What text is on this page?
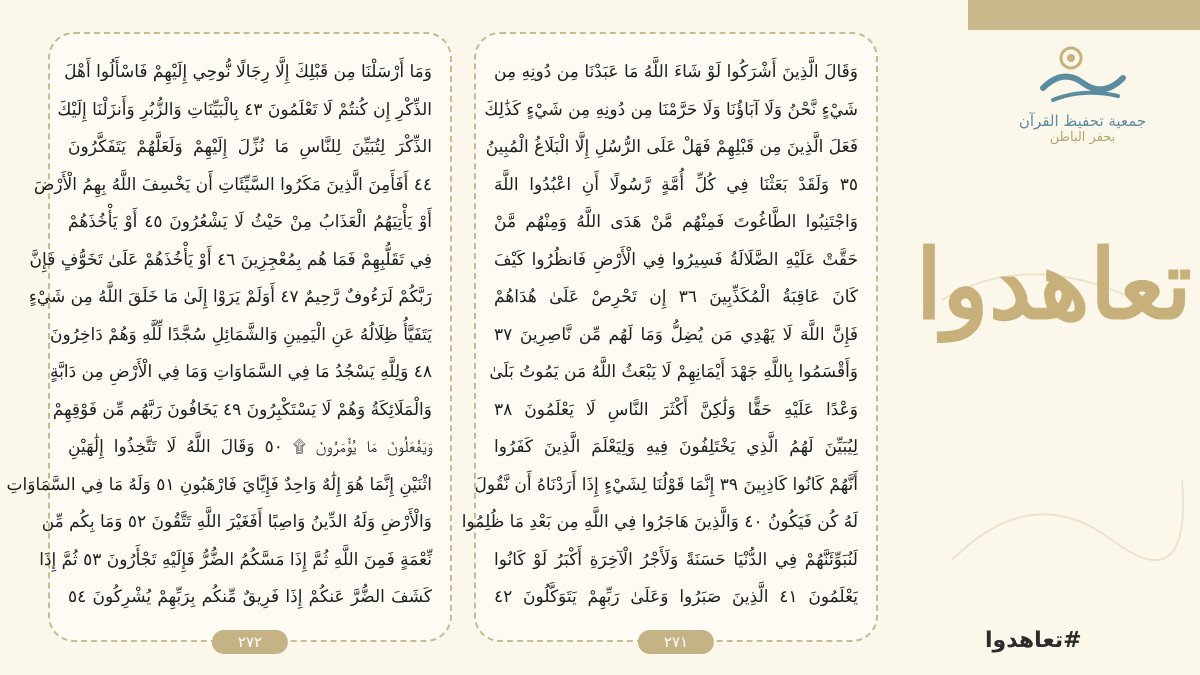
وَمَا أَرْسَلْنَا مِن قَبْلِكَ إِلَّا رِجَالًا نُّوحِي إِلَيْهِمْ فَاسْأَلُوا أَهْلَ
الذِّكْرِ إِن كُنتُمْ لَا تَعْلَمُونَ ٤٣ بِالْبَيِّنَاتِ وَالزُّبُرِ وَأَنزَلْنَا إِلَيْكَ
الذِّكْرَ لِتُبَيِّنَ لِلنَّاسِ مَا نُزِّلَ إِلَيْهِمْ وَلَعَلَّهُمْ يَتَفَكَّرُونَ
٤٤ أَفَأَمِنَ الَّذِينَ مَكَرُوا السَّيِّئَاتِ أَن يَخْسِفَ اللَّهُ بِهِمُ الْأَرْضَ
أَوْ يَأْتِيَهُمُ الْعَذَابُ مِنْ حَيْثُ لَا يَشْعُرُونَ ٤٥ أَوْ يَأْخُذَهُمْ
فِي تَقَلُّبِهِمْ فَمَا هُم بِمُعْجِزِينَ ٤٦ أَوْ يَأْخُذَهُمْ عَلَىٰ تَخَوُّفٍ فَإِنَّ
رَبَّكُمْ لَرَءُوفٌ رَّحِيمٌ ٤٧ أَوَلَمْ يَرَوْا إِلَىٰ مَا خَلَقَ اللَّهُ مِن شَيْءٍ
يَتَفَيَّأُ ظِلَالُهُ عَنِ الْيَمِينِ وَالشَّمَائِلِ سُجَّدًا لِّلَّهِ وَهُمْ دَاخِرُونَ
٤٨ وَلِلَّهِ يَسْجُدُ مَا فِي السَّمَاوَاتِ وَمَا فِي الْأَرْضِ مِن دَابَّةٍ
وَالْمَلَائِكَةُ وَهُمْ لَا يَسْتَكْبِرُونَ ٤٩ يَخَافُونَ رَبَّهُم مِّن فَوْقِهِمْ
وَيَفْعَلُونَ مَا يُؤْمَرُونَ ۩ ٥٠ وَقَالَ اللَّهُ لَا تَتَّخِذُوا إِلَٰهَيْنِ
اثْنَيْنِ إِنَّمَا هُوَ إِلَٰهٌ وَاحِدٌ فَإِيَّايَ فَارْهَبُونِ ٥١ وَلَهُ مَا فِي السَّمَاوَاتِ
وَالْأَرْضِ وَلَهُ الدِّينُ وَاصِبًا أَفَغَيْرَ اللَّهِ تَتَّقُونَ ٥٢ وَمَا بِكُم مِّن
نِّعْمَةٍ فَمِنَ اللَّهِ ثُمَّ إِذَا مَسَّكُمُ الضُّرُّ فَإِلَيْهِ تَجْأَرُونَ ٥٣ ثُمَّ إِذَا
كَشَفَ الضُّرَّ عَنكُمْ إِذَا فَرِيقٌ مِّنكُم بِرَبِّهِمْ يُشْرِكُونَ ٥٤
٢٧٢
وَقَالَ الَّذِينَ أَشْرَكُوا لَوْ شَاءَ اللَّهُ مَا عَبَدْنَا مِن دُونِهِ مِن
شَيْءٍ نَّحْنُ وَلَا آبَاؤُنَا وَلَا حَرَّمْنَا مِن دُونِهِ مِن شَيْءٍ كَذَٰلِكَ
فَعَلَ الَّذِينَ مِن قَبْلِهِمْ فَهَلْ عَلَى الرُّسُلِ إِلَّا الْبَلَاغُ الْمُبِينُ
٣٥ وَلَقَدْ بَعَثْنَا فِي كُلِّ أُمَّةٍ رَّسُولًا أَنِ اعْبُدُوا اللَّهَ
وَاجْتَنِبُوا الطَّاغُوتَ فَمِنْهُم مَّنْ هَدَى اللَّهُ وَمِنْهُم مَّنْ
حَقَّتْ عَلَيْهِ الضَّلَالَةُ فَسِيرُوا فِي الْأَرْضِ فَانظُرُوا كَيْفَ
كَانَ عَاقِبَةُ الْمُكَذِّبِينَ ٣٦ إِن تَحْرِصْ عَلَىٰ هُدَاهُمْ
فَإِنَّ اللَّهَ لَا يَهْدِي مَن يُضِلُّ وَمَا لَهُم مِّن نَّاصِرِينَ ٣٧
وَأَقْسَمُوا بِاللَّهِ جَهْدَ أَيْمَانِهِمْ لَا يَبْعَثُ اللَّهُ مَن يَمُوتُ بَلَىٰ
وَعْدًا عَلَيْهِ حَقًّا وَلَٰكِنَّ أَكْثَرَ النَّاسِ لَا يَعْلَمُونَ ٣٨
لِيُبَيِّنَ لَهُمُ الَّذِي يَخْتَلِفُونَ فِيهِ وَلِيَعْلَمَ الَّذِينَ كَفَرُوا
أَنَّهُمْ كَانُوا كَاذِبِينَ ٣٩ إِنَّمَا قَوْلُنَا لِشَيْءٍ إِذَا أَرَدْنَاهُ أَن نَّقُولَ
لَهُ كُن فَيَكُونُ ٤٠ وَالَّذِينَ هَاجَرُوا فِي اللَّهِ مِن بَعْدِ مَا ظُلِمُوا
لَنُبَوِّئَنَّهُمْ فِي الدُّنْيَا حَسَنَةً وَلَأَجْرُ الْآخِرَةِ أَكْبَرُ لَوْ كَانُوا
يَعْلَمُونَ ٤١ الَّذِينَ صَبَرُوا وَعَلَىٰ رَبِّهِمْ يَتَوَكَّلُونَ ٤٢
٢٧١
جمعية تحفيظ القرآن
بحفر الباطن
تعاهدوا
#تعاهدوا
